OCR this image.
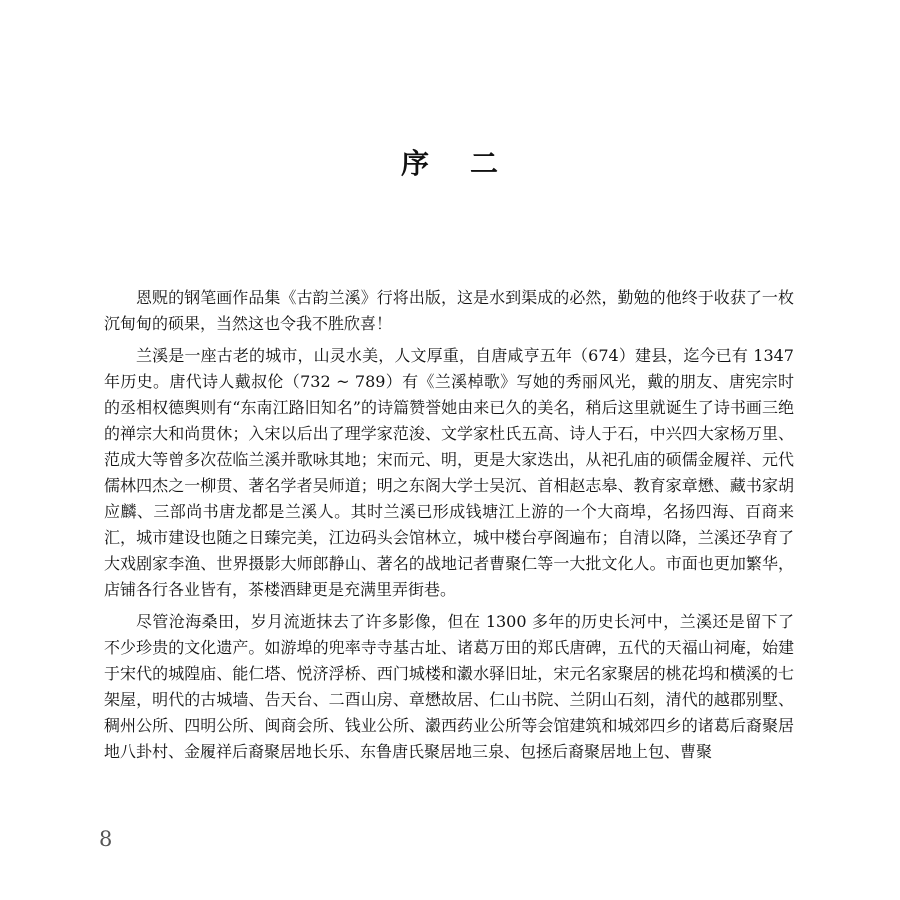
序 二

恩贶的钢笔画作品集《古韵兰溪》行将出版，这是水到渠成的必然，勤勉的他终于收获了一枚沉甸甸的硕果，当然这也令我不胜欣喜！

兰溪是一座古老的城市，山灵水美，人文厚重，自唐咸亨五年（674）建县，迄今已有 1347 年历史。唐代诗人戴叔伦（732 ~ 789）有《兰溪棹歌》写她的秀丽风光，戴的朋友、唐宪宗时的丞相权德舆则有“东南江路旧知名”的诗篇赞誉她由来已久的美名，稍后这里就诞生了诗书画三绝的禅宗大和尚贯休；入宋以后出了理学家范浚、文学家杜氏五高、诗人于石，中兴四大家杨万里、范成大等曾多次莅临兰溪并歌咏其地；宋而元、明，更是大家迭出，从祀孔庙的硕儒金履祥、元代儒林四杰之一柳贯、著名学者吴师道；明之东阁大学士吴沉、首相赵志皋、教育家章懋、藏书家胡应麟、三部尚书唐龙都是兰溪人。其时兰溪已形成钱塘江上游的一个大商埠，名扬四海、百商来汇，城市建设也随之日臻完美，江边码头会馆林立，城中楼台亭阁遍布；自清以降，兰溪还孕育了大戏剧家李渔、世界摄影大师郎静山、著名的战地记者曹聚仁等一大批文化人。市面也更加繁华，店铺各行各业皆有，茶楼酒肆更是充满里弄街巷。

尽管沧海桑田，岁月流逝抹去了许多影像，但在 1300 多年的历史长河中，兰溪还是留下了不少珍贵的文化遗产。如游埠的兜率寺寺基古址、诸葛万田的郑氏唐碑，五代的天福山祠庵，始建于宋代的城隍庙、能仁塔、悦济浮桥、西门城楼和瀫水驿旧址，宋元名家聚居的桃花坞和横溪的七架屋，明代的古城墙、告天台、二酉山房、章懋故居、仁山书院、兰阴山石刻，清代的越郡别墅、稠州公所、四明公所、闽商会所、钱业公所、瀫西药业公所等会馆建筑和城郊四乡的诸葛后裔聚居地八卦村、金履祥后裔聚居地长乐、东鲁唐氏聚居地三泉、包拯后裔聚居地上包、曹聚

8
